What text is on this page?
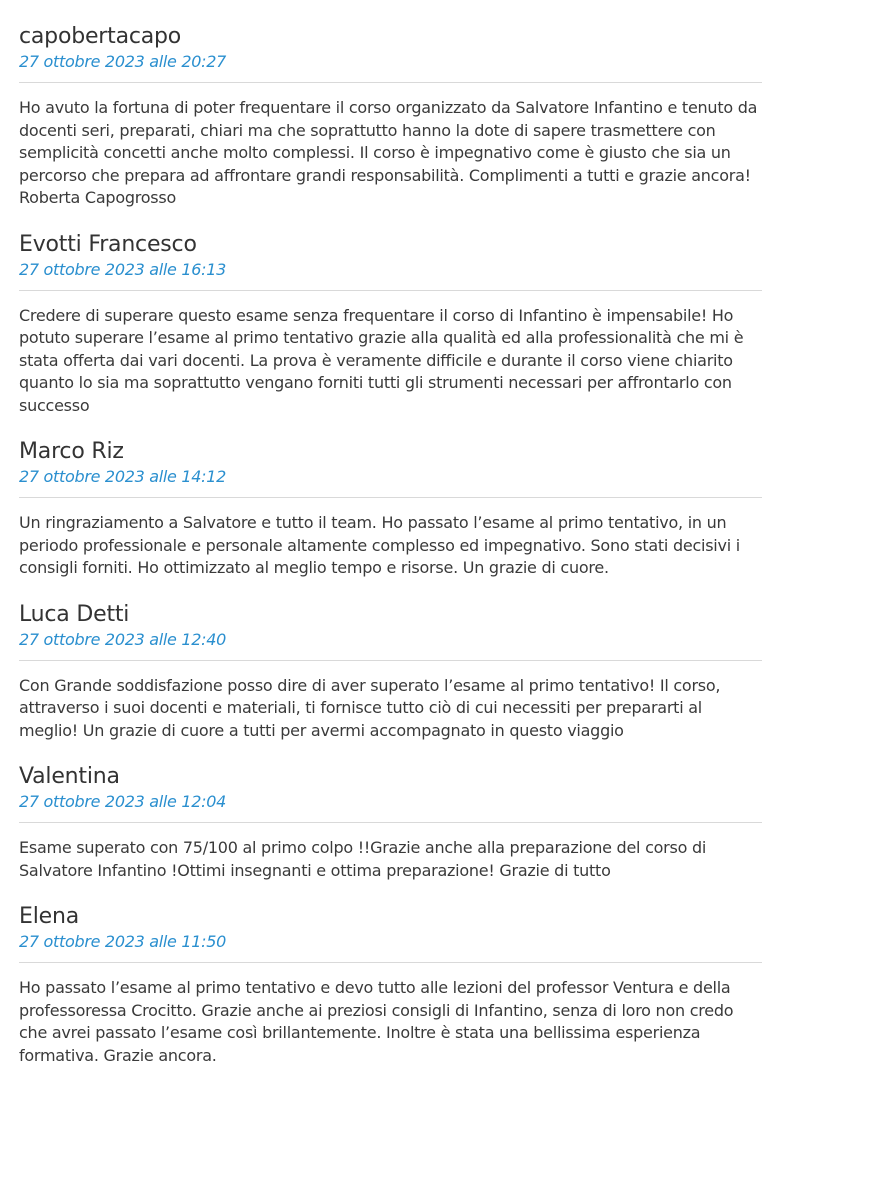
capobertacapo
27 ottobre 2023 alle 20:27

Ho avuto la fortuna di poter frequentare il corso organizzato da Salvatore Infantino e tenuto da docenti seri, preparati, chiari ma che soprattutto hanno la dote di sapere trasmettere con semplicità concetti anche molto complessi. Il corso è impegnativo come è giusto che sia un percorso che prepara ad affrontare grandi responsabilità. Complimenti a tutti e grazie ancora! Roberta Capogrosso

Evotti Francesco
27 ottobre 2023 alle 16:13

Credere di superare questo esame senza frequentare il corso di Infantino è impensabile! Ho potuto superare l’esame al primo tentativo grazie alla qualità ed alla professionalità che mi è stata offerta dai vari docenti. La prova è veramente difficile e durante il corso viene chiarito quanto lo sia ma soprattutto vengano forniti tutti gli strumenti necessari per affrontarlo con successo

Marco Riz
27 ottobre 2023 alle 14:12

Un ringraziamento a Salvatore e tutto il team. Ho passato l’esame al primo tentativo, in un periodo professionale e personale altamente complesso ed impegnativo. Sono stati decisivi i consigli forniti. Ho ottimizzato al meglio tempo e risorse. Un grazie di cuore.

Luca Detti
27 ottobre 2023 alle 12:40

Con Grande soddisfazione posso dire di aver superato l’esame al primo tentativo! Il corso, attraverso i suoi docenti e materiali, ti fornisce tutto ciò di cui necessiti per prepararti al meglio! Un grazie di cuore a tutti per avermi accompagnato in questo viaggio

Valentina
27 ottobre 2023 alle 12:04

Esame superato con 75/100 al primo colpo !!Grazie anche alla preparazione del corso di Salvatore Infantino !Ottimi insegnanti e ottima preparazione! Grazie di tutto

Elena
27 ottobre 2023 alle 11:50

Ho passato l’esame al primo tentativo e devo tutto alle lezioni del professor Ventura e della professoressa Crocitto. Grazie anche ai preziosi consigli di Infantino, senza di loro non credo che avrei passato l’esame così brillantemente. Inoltre è stata una bellissima esperienza formativa. Grazie ancora.
